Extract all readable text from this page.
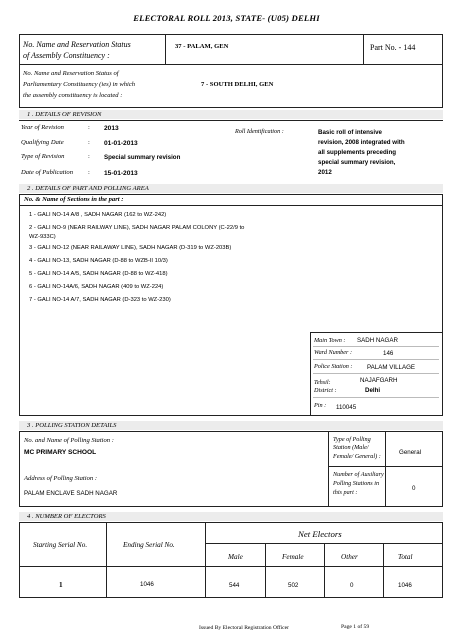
ELECTORAL ROLL 2013, STATE- (U05) DELHI
No. Name and Reservation Status
of Assembly Constituency :
37 - PALAM, GEN	Part No. - 144
No. Name and Reservation Status of
Parliamentary Constituency (ies) in which
the assembly constituency is located :
7 - SOUTH DELHI, GEN
1 . DETAILS OF REVISION
Year of Revision	: 2013
Qualifying Date	: 01-01-2013
Type of Revision	: Special summary revision
Date of Publication : 15-01-2013
Roll Identification :	Basic roll of intensive
revision, 2008 integrated with
all supplements preceding
special summary revision,
2012
2 . DETAILS OF PART AND POLLING AREA
No. & Name of Sections in the part :
1 - GALI NO-14 A/8 , SADH NAGAR (162 to WZ-242)
2 - GALI NO-9 (NEAR RAILWAY LINE), SADH NAGAR PALAM COLONY (C-22/9 to
WZ-933C)
3 - GALI NO-12 (NEAR RAILAWAY LINE), SADH NAGAR (D-319 to WZ-203B)
4 - GALI NO-13, SADH NAGAR (D-88 to WZB-II 10/3)
5 - GALI NO-14 A/5, SADH NAGAR (D-88 to WZ-418)
6 - GALI NO-14A/6, SADH NAGAR (409 to WZ-224)
7 - GALI NO-14 A/7, SADH NAGAR (D-323 to WZ-230)
Main Town : SADH NAGAR
Ward Number :	146
Police Station : PALAM VILLAGE
Tehsil:	NAJAFGARH
District :	Delhi
Pin : 110045
3 . POLLING STATION DETAILS
No. and Name of Polling Station :
MC PRIMARY SCHOOL
Address of Polling Station :
PALAM ENCLAVE SADH NAGAR
Type of Polling
Station (Male/
Female/ General) :
General
Number of Auxiliary
Polling Stations in
this part :
0
4 . NUMBER OF ELECTORS
Starting Serial No.	Ending Serial No.
Net Electors
Male	Female	Other	Total
1	1046	544	502	0	1046
Issued By Electoral Registration Officer	Page 1 of 59
